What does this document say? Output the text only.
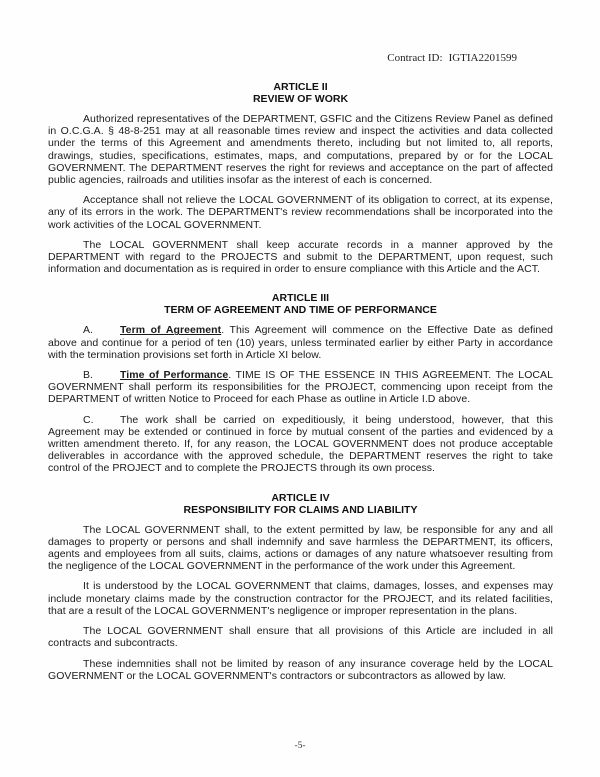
Contract ID: IGTIA2201599
ARTICLE II
REVIEW OF WORK

Authorized representatives of the DEPARTMENT, GSFIC and the Citizens Review Panel as defined in O.C.G.A. § 48-8-251 may at all reasonable times review and inspect the activities and data collected under the terms of this Agreement and amendments thereto, including but not limited to, all reports, drawings, studies, specifications, estimates, maps, and computations, prepared by or for the LOCAL GOVERNMENT. The DEPARTMENT reserves the right for reviews and acceptance on the part of affected public agencies, railroads and utilities insofar as the interest of each is concerned.

Acceptance shall not relieve the LOCAL GOVERNMENT of its obligation to correct, at its expense, any of its errors in the work. The DEPARTMENT's review recommendations shall be incorporated into the work activities of the LOCAL GOVERNMENT.

The LOCAL GOVERNMENT shall keep accurate records in a manner approved by the DEPARTMENT with regard to the PROJECTS and submit to the DEPARTMENT, upon request, such information and documentation as is required in order to ensure compliance with this Article and the ACT.

ARTICLE III
TERM OF AGREEMENT AND TIME OF PERFORMANCE

A.	Term of Agreement. This Agreement will commence on the Effective Date as defined above and continue for a period of ten (10) years, unless terminated earlier by either Party in accordance with the termination provisions set forth in Article XI below.

B.	Time of Performance. TIME IS OF THE ESSENCE IN THIS AGREEMENT. The LOCAL GOVERNMENT shall perform its responsibilities for the PROJECT, commencing upon receipt from the DEPARTMENT of written Notice to Proceed for each Phase as outline in Article I.D above.

C.	The work shall be carried on expeditiously, it being understood, however, that this Agreement may be extended or continued in force by mutual consent of the parties and evidenced by a written amendment thereto. If, for any reason, the LOCAL GOVERNMENT does not produce acceptable deliverables in accordance with the approved schedule, the DEPARTMENT reserves the right to take control of the PROJECT and to complete the PROJECTS through its own process.

ARTICLE IV
RESPONSIBILITY FOR CLAIMS AND LIABILITY

The LOCAL GOVERNMENT shall, to the extent permitted by law, be responsible for any and all damages to property or persons and shall indemnify and save harmless the DEPARTMENT, its officers, agents and employees from all suits, claims, actions or damages of any nature whatsoever resulting from the negligence of the LOCAL GOVERNMENT in the performance of the work under this Agreement.

It is understood by the LOCAL GOVERNMENT that claims, damages, losses, and expenses may include monetary claims made by the construction contractor for the PROJECT, and its related facilities, that are a result of the LOCAL GOVERNMENT's negligence or improper representation in the plans.

The LOCAL GOVERNMENT shall ensure that all provisions of this Article are included in all contracts and subcontracts.

These indemnities shall not be limited by reason of any insurance coverage held by the LOCAL GOVERNMENT or the LOCAL GOVERNMENT's contractors or subcontractors as allowed by law.

-5-
